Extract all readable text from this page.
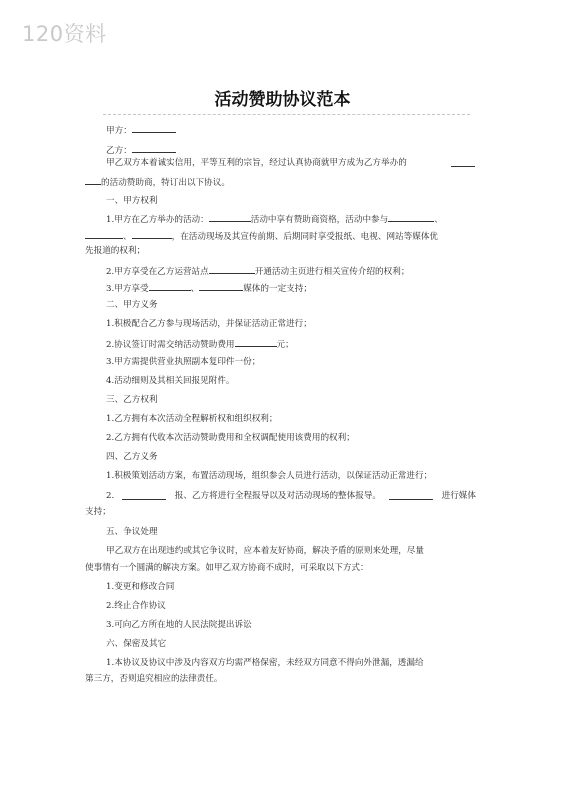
120资料
活动赞助协议范本
甲方：
乙方：
甲乙双方本着诚实信用，平等互利的宗旨，经过认真协商就甲方成为乙方举办的
的活动赞助商，特订出以下协议。
一、甲方权利
1.甲方在乙方举办的活动：	活动中享有赞助商资格，活动中参与	、
、	，在活动现场及其宣传前期、后期同时享受报纸、电视、网站等媒体优
先报道的权利；
2.甲方享受在乙方运营站点	开通活动主页进行相关宣传介绍的权利；
3.甲方享受	、	媒体的一定支持；
二、甲方义务
1.积极配合乙方参与现场活动，并保证活动正常进行；
2.协议签订时需交纳活动赞助费用	元；
3.甲方需提供营业执照副本复印件一份；
4.活动细则及其相关回报见附件。
三、乙方权利
1.乙方拥有本次活动全程解析权和组织权利；
2.乙方拥有代收本次活动赞助费用和全权调配使用该费用的权利；
四、乙方义务
1.积极策划活动方案，布置活动现场，组织参会人员进行活动，以保证活动正常进行；
2.	报、乙方将进行全程报导以及对活动现场的整体报导。	进行媒体
支持；
五、争议处理
甲乙双方在出现违约或其它争议时，应本着友好协商，解决予盾的原则来处理，尽量
使事情有一个圆满的解决方案。如甲乙双方协商不成时，可采取以下方式：
1.变更和修改合同
2.终止合作协议
3.可向乙方所在地的人民法院提出诉讼
六、保密及其它
1.本协议及协议中涉及内容双方均需严格保密，未经双方同意不得向外泄漏，透漏给
第三方，否则追究相应的法律责任。
